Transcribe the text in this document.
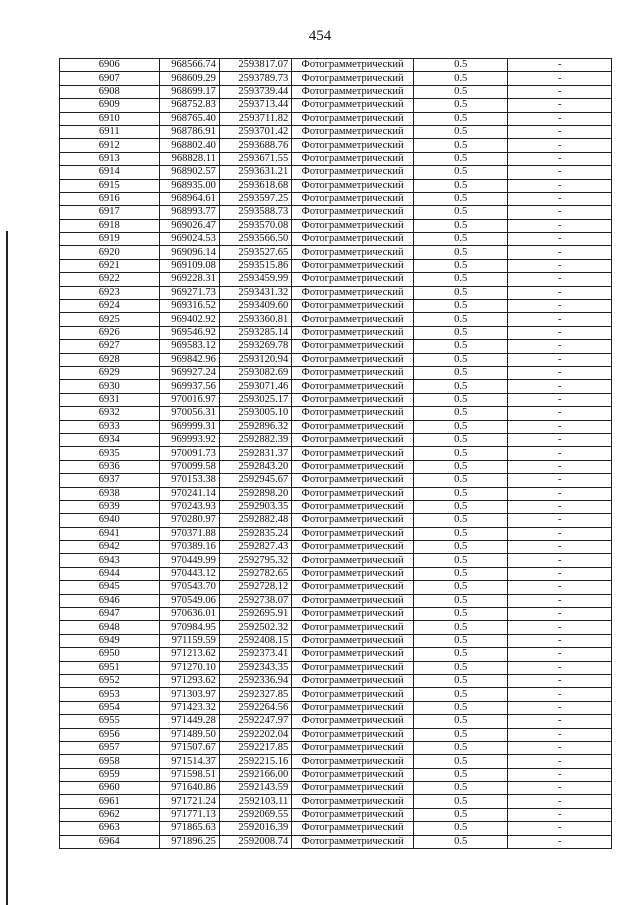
454
6906	968566.74	2593817.07	Фотограмметрический	0.5	-
6907	968609.29	2593789.73	Фотограмметрический	0.5	-
6908	968699.17	2593739.44	Фотограмметрический	0.5	-
6909	968752.83	2593713.44	Фотограмметрический	0.5	-
6910	968765.40	2593711.82	Фотограмметрический	0.5	-
6911	968786.91	2593701.42	Фотограмметрический	0.5	-
6912	968802.40	2593688.76	Фотограмметрический	0.5	-
6913	968828.11	2593671.55	Фотограмметрический	0.5	-
6914	968902.57	2593631.21	Фотограмметрический	0.5	-
6915	968935.00	2593618.68	Фотограмметрический	0.5	-
6916	968964.61	2593597.25	Фотограмметрический	0.5	-
6917	968993.77	2593588.73	Фотограмметрический	0.5	-
6918	969026.47	2593570.08	Фотограмметрический	0.5	-
6919	969024.53	2593566.50	Фотограмметрический	0.5	-
6920	969096.14	2593527.65	Фотограмметрический	0.5	-
6921	969109.08	2593515.86	Фотограмметрический	0.5	-
6922	969228.31	2593459.99	Фотограмметрический	0.5	-
6923	969271.73	2593431.32	Фотограмметрический	0.5	-
6924	969316.52	2593409.60	Фотограмметрический	0.5	-
6925	969402.92	2593360.81	Фотограмметрический	0.5	-
6926	969546.92	2593285.14	Фотограмметрический	0.5	-
6927	969583.12	2593269.78	Фотограмметрический	0.5	-
6928	969842.96	2593120.94	Фотограмметрический	0.5	-
6929	969927.24	2593082.69	Фотограмметрический	0.5	-
6930	969937.56	2593071.46	Фотограмметрический	0.5	-
6931	970016.97	2593025.17	Фотограмметрический	0.5	-
6932	970056.31	2593005.10	Фотограмметрический	0.5	-
6933	969999.31	2592896.32	Фотограмметрический	0.5	-
6934	969993.92	2592882.39	Фотограмметрический	0.5	-
6935	970091.73	2592831.37	Фотограмметрический	0.5	-
6936	970099.58	2592843.20	Фотограмметрический	0.5	-
6937	970153.38	2592945.67	Фотограмметрический	0.5	-
6938	970241.14	2592898.20	Фотограмметрический	0.5	-
6939	970243.93	2592903.35	Фотограмметрический	0.5	-
6940	970280.97	2592882.48	Фотограмметрический	0.5	-
6941	970371.88	2592835.24	Фотограмметрический	0.5	-
6942	970389.16	2592827.43	Фотограмметрический	0.5	-
6943	970449.99	2592795.32	Фотограмметрический	0.5	-
6944	970443.12	2592782.65	Фотограмметрический	0.5	-
6945	970543.70	2592728.12	Фотограмметрический	0.5	-
6946	970549.06	2592738.07	Фотограмметрический	0.5	-
6947	970636.01	2592695.91	Фотограмметрический	0.5	-
6948	970984.95	2592502.32	Фотограмметрический	0.5	-
6949	971159.59	2592408.15	Фотограмметрический	0.5	-
6950	971213.62	2592373.41	Фотограмметрический	0.5	-
6951	971270.10	2592343.35	Фотограмметрический	0.5	-
6952	971293.62	2592336.94	Фотограмметрический	0.5	-
6953	971303.97	2592327.85	Фотограмметрический	0.5	-
6954	971423.32	2592264.56	Фотограмметрический	0.5	-
6955	971449.28	2592247.97	Фотограмметрический	0.5	-
6956	971489.50	2592202.04	Фотограмметрический	0.5	-
6957	971507.67	2592217.85	Фотограмметрический	0.5	-
6958	971514.37	2592215.16	Фотограмметрический	0.5	-
6959	971598.51	2592166.00	Фотограмметрический	0.5	-
6960	971640.86	2592143.59	Фотограмметрический	0.5	-
6961	971721.24	2592103.11	Фотограмметрический	0.5	-
6962	971771.13	2592069.55	Фотограмметрический	0.5	-
6963	971865.63	2592016.39	Фотограмметрический	0.5	-
6964	971896.25	2592008.74	Фотограмметрический	0.5	-
